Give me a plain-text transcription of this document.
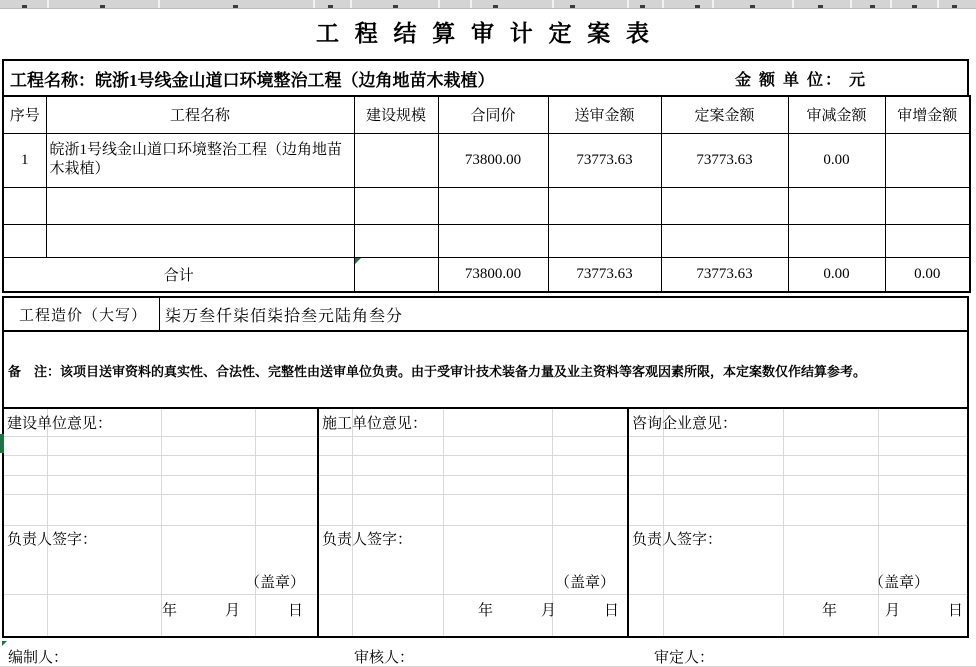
工 程 结 算 审 计 定 案 表
工程名称：皖浙1号线金山道口环境整治工程（边角地苗木栽植）	金 额 单 位： 元
序号	工程名称	建设规模	合同价	送审金额	定案金额	审减金额	审增金额
1	皖浙1号线金山道口环境整治工程（边角地苗木栽植）		73800.00	73773.63	73773.63	0.00	

合计			73800.00	73773.63	73773.63	0.00	0.00
工程造价（大写）	柒万叁仟柒佰柒拾叁元陆角叁分
备　注：该项目送审资料的真实性、合法性、完整性由送审单位负责。由于受审计技术装备力量及业主资料等客观因素所限，本定案数仅作结算参考。
建设单位意见：
负责人签字：
（盖章）
年	月	日
施工单位意见：
负责人签字：
（盖章）
年	月	日
咨询企业意见：
负责人签字：
（盖章）
年	月	日
编制人：	审核人：	审定人：
